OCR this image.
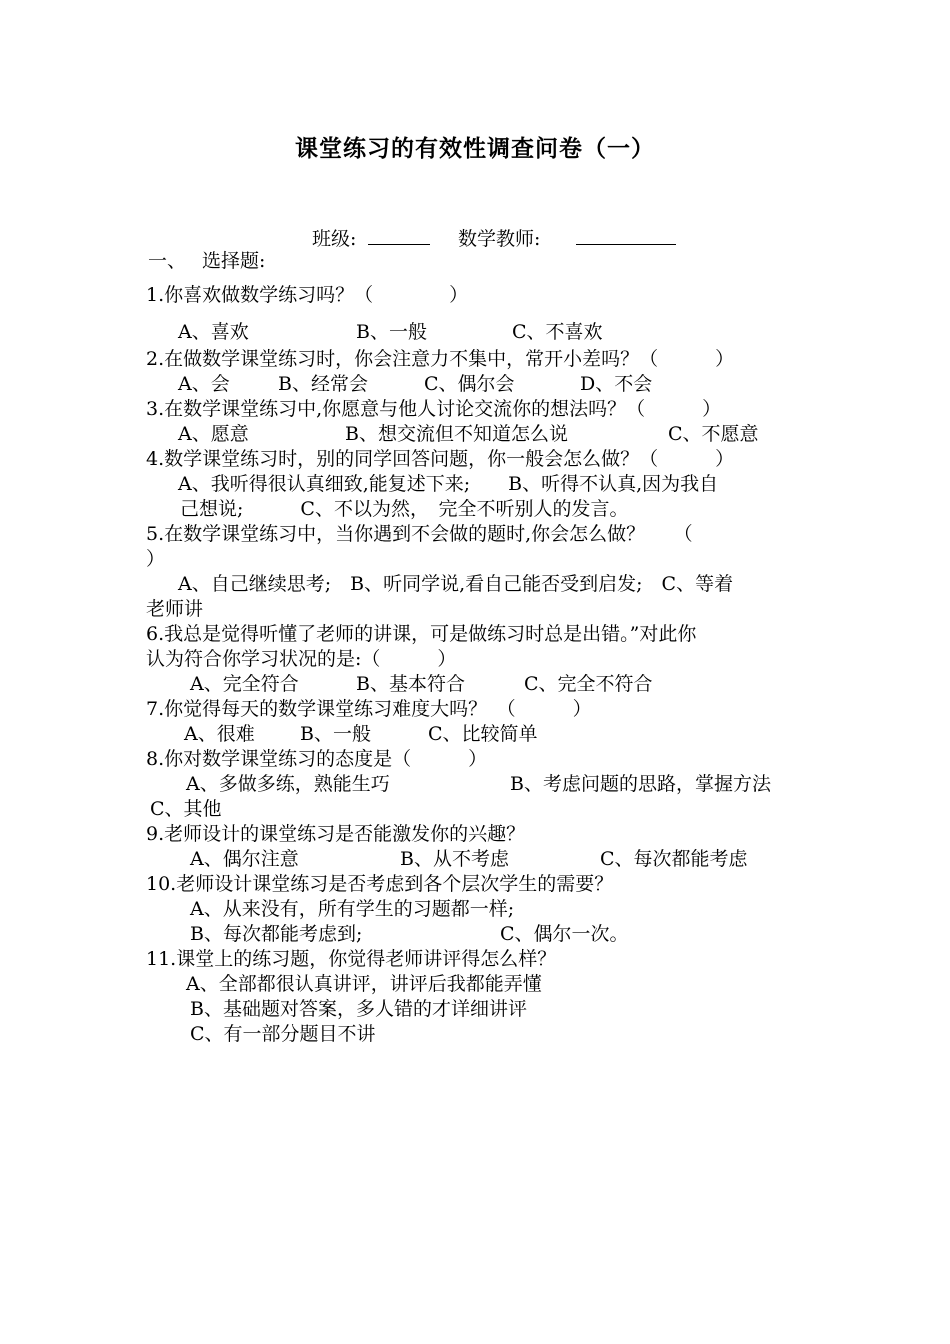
课堂练习的有效性调查问卷（一）
班级:	数学教师:
一、 选择题:
1.你喜欢做数学练习吗？（　　　　）
A、喜欢	B、一般	C、不喜欢
2.在做数学课堂练习时，你会注意力不集中，常开小差吗？（　　　）
A、会	B、经常会	C、偶尔会	D、不会
3.在数学课堂练习中,你愿意与他人讨论交流你的想法吗？（　　　）
A、愿意	B、想交流但不知道怎么说	C、不愿意
4.数学课堂练习时，别的同学回答问题，你一般会怎么做？（　　　）
A、我听得很认真细致,能复述下来;　　B、听得不认真,因为我自
己想说;　　　C、不以为然，　完全不听别人的发言。
5.在数学课堂练习中，当你遇到不会做的题时,你会怎么做？　　（
）
A、自己继续思考;　B、听同学说,看自己能否受到启发;　C、等着
老师讲
6.我总是觉得听懂了老师的讲课，可是做练习时总是出错。”对此你
认为符合你学习状况的是:（　　　）
A、完全符合	B、基本符合	C、完全不符合
7.你觉得每天的数学课堂练习难度大吗？　（　　　）
A、很难 B、一般	C、比较简单
8.你对数学课堂练习的态度是（　　　）
A、多做多练，熟能生巧	B、考虑问题的思路，掌握方法
C、其他
9.老师设计的课堂练习是否能激发你的兴趣？
A、偶尔注意	B、从不考虑	C、每次都能考虑
10.老师设计课堂练习是否考虑到各个层次学生的需要？
A、从来没有，所有学生的习题都一样;
B、每次都能考虑到;	C、偶尔一次。
11.课堂上的练习题，你觉得老师讲评得怎么样？
A、全部都很认真讲评，讲评后我都能弄懂
B、基础题对答案，多人错的才详细讲评
C、有一部分题目不讲
